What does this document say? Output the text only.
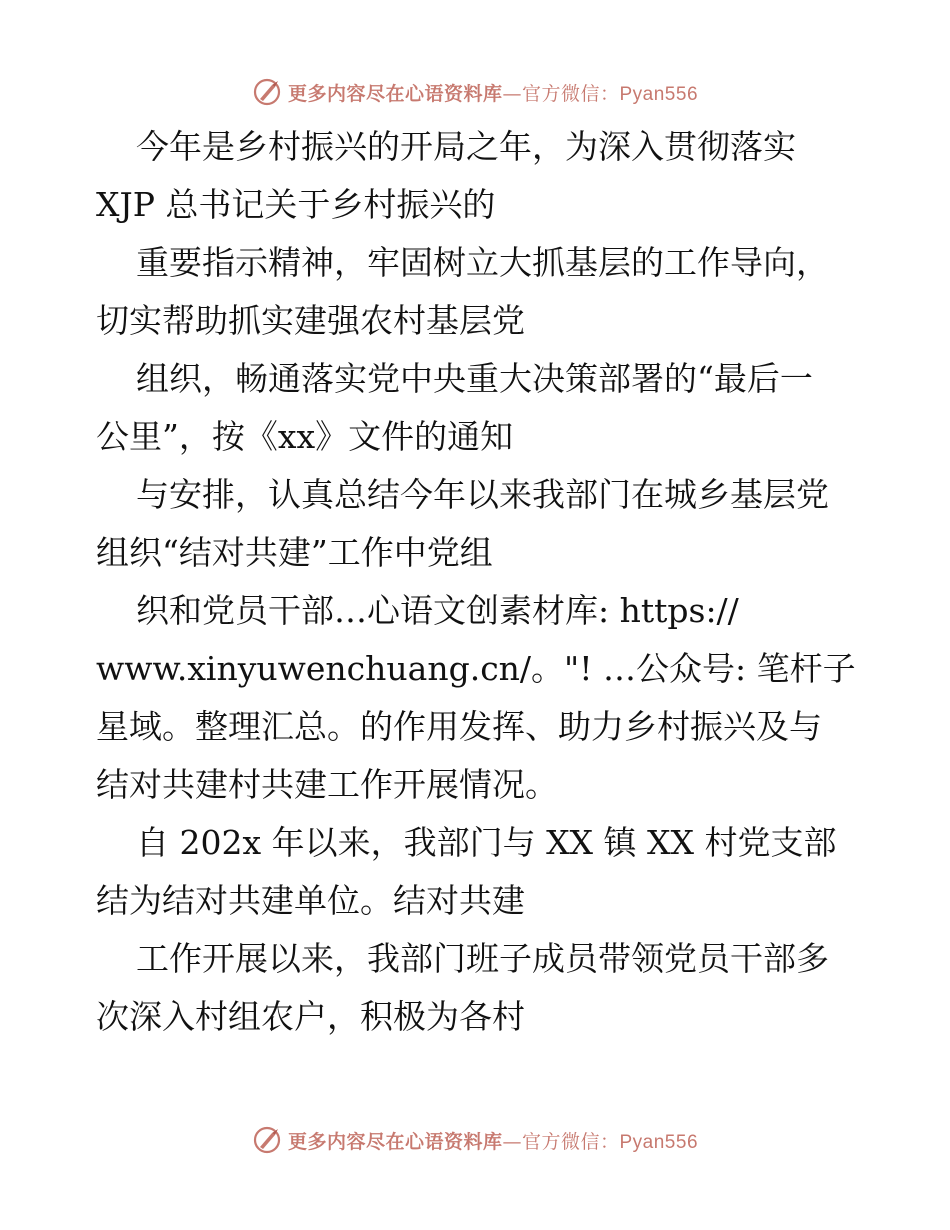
更多内容尽在心语资料库—官方微信：Pyan556
今年是乡村振兴的开局之年，为深入贯彻落实
XJP 总书记关于乡村振兴的
重要指示精神，牢固树立大抓基层的工作导向，
切实帮助抓实建强农村基层党
组织，畅通落实党中央重大决策部署的“最后一
公里”，按《xx》文件的通知
与安排，认真总结今年以来我部门在城乡基层党
组织“结对共建”工作中党组
织和党员干部…心语文创素材库: https://
www.xinyuwenchuang.cn/。"! …公众号: 笔杆子
星域。整理汇总。的作用发挥、助力乡村振兴及与
结对共建村共建工作开展情况。
自 202x 年以来，我部门与 XX 镇 XX 村党支部
结为结对共建单位。结对共建
工作开展以来，我部门班子成员带领党员干部多
次深入村组农户，积极为各村
更多内容尽在心语资料库—官方微信：Pyan556
